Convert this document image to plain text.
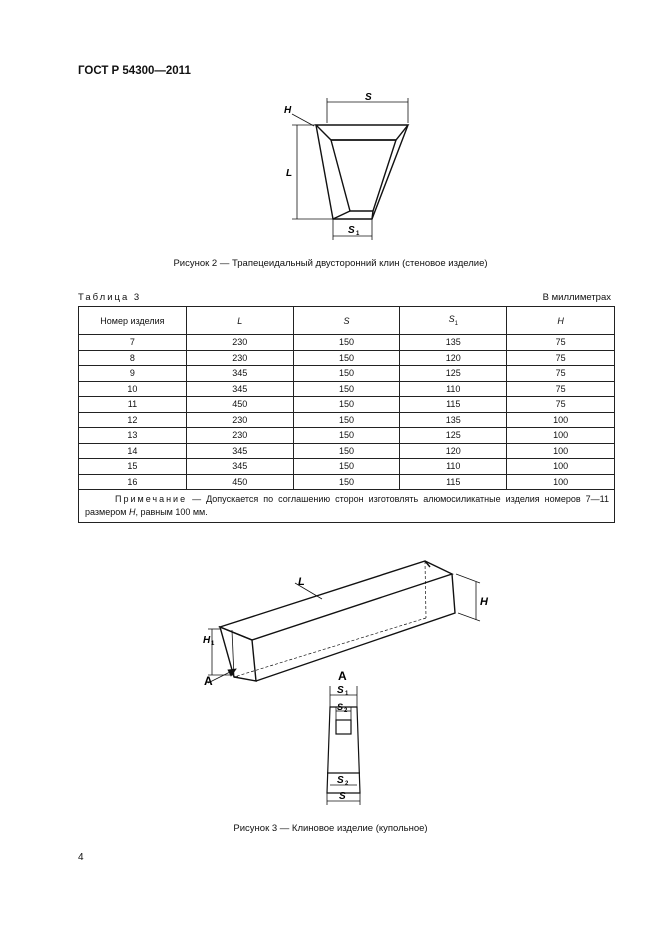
ГОСТ Р 54300—2011
S
H
L
S 1
Рисунок 2 — Трапецеидальный двусторонний клин (стеновое изделие)
Таблица 3	В миллиметрах
Номер изделия	L	S	$S_1$	H
7	230	150	135	75
8	230	150	120	75
9	345	150	125	75
10	345	150	110	75
11	450	150	115	75
12	230	150	135	100
13	230	150	125	100
14	345	150	120	100
15	345	150	110	100
16	450	150	115	100
Примечание — Допускается по соглашению сторон изготовлять алюмосиликатные изделия номеров 7—11 размером H, равным 100 мм.				
L
H
H 1
A	A
S 1
S 2
S 2
S
Рисунок 3 — Клиновое изделие (купольное)
4
